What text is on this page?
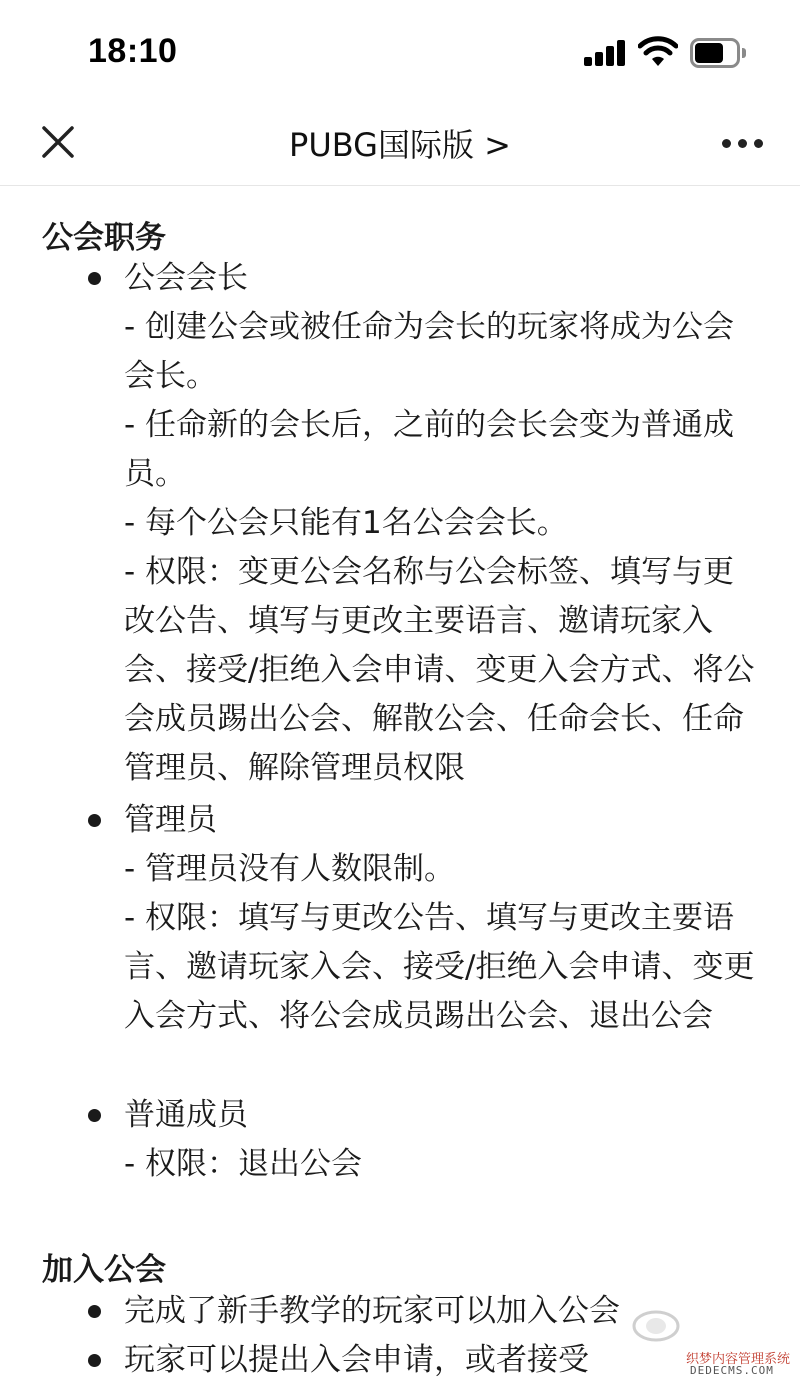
18:10
PUBG国际版 >
公会职务
公会会长
- 创建公会或被任命为会长的玩家将成为公会会长。
- 任命新的会长后，之前的会长会变为普通成员。
- 每个公会只能有1名公会会长。
- 权限：变更公会名称与公会标签、填写与更改公告、填写与更改主要语言、邀请玩家入会、接受/拒绝入会申请、变更入会方式、将公会成员踢出公会、解散公会、任命会长、任命管理员、解除管理员权限
管理员
- 管理员没有人数限制。
- 权限：填写与更改公告、填写与更改主要语言、邀请玩家入会、接受/拒绝入会申请、变更入会方式、将公会成员踢出公会、退出公会
普通成员
- 权限：退出公会
加入公会
完成了新手教学的玩家可以加入公会
玩家可以提出入会申请，或者接受	织梦内容管理系统
DEDECMS.COM
